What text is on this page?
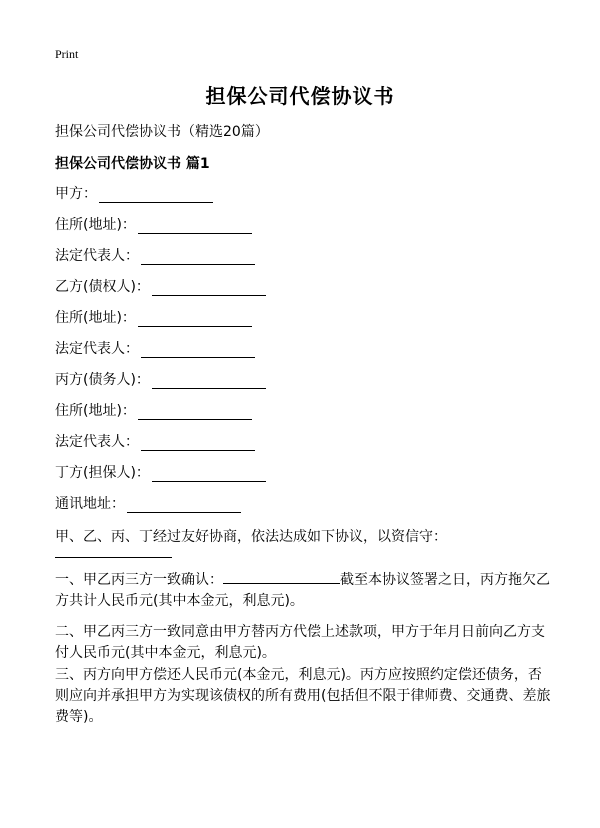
Print
担保公司代偿协议书
担保公司代偿协议书（精选20篇）
担保公司代偿协议书 篇1
甲方：
住所(地址)：
法定代表人：
乙方(债权人)：
住所(地址)：
法定代表人：
丙方(债务人)：
住所(地址)：
法定代表人：
丁方(担保人)：
通讯地址：
甲、乙、丙、丁经过友好协商，依法达成如下协议，以资信守：
一、甲乙丙三方一致确认：	截至本协议签署之日，丙方拖欠乙方共计人民币元(其中本金元，利息元)。
二、甲乙丙三方一致同意由甲方替丙方代偿上述款项，甲方于年月日前向乙方支付人民币元(其中本金元，利息元)。
三、丙方向甲方偿还人民币元(本金元，利息元)。丙方应按照约定偿还债务，否则应向并承担甲方为实现该债权的所有费用(包括但不限于律师费、交通费、差旅费等)。
